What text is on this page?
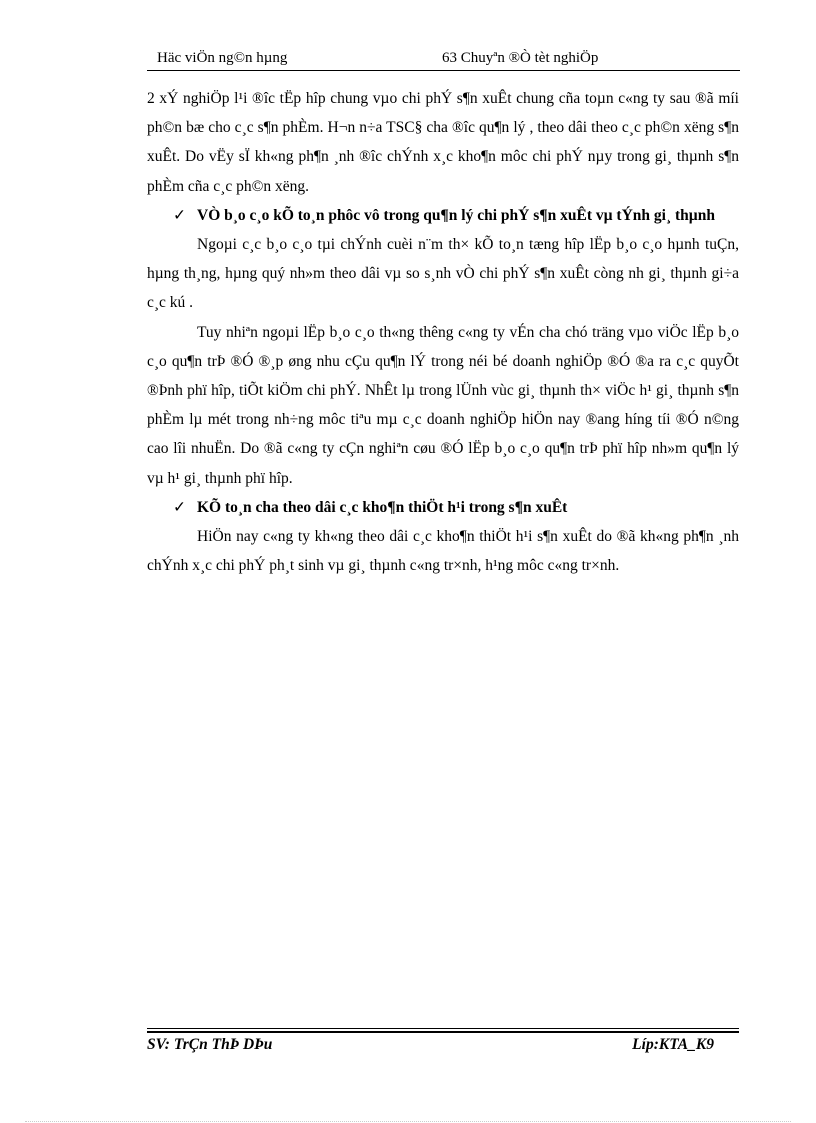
Häc viÖn ng©n hµng	63 Chuyªn ®Ò tèt nghiÖp

2 xÝ nghiÖp l¹i ®îc tËp hîp chung vµo chi phÝ s¶n xuÊt chung cña toµn c«ng ty sau ®ã míi ph©n bæ cho c¸c s¶n phÈm. H¬n n÷a TSC§ cha ®îc qu¶n lý , theo dâi theo c¸c ph©n xëng s¶n xuÊt. Do vËy sÏ kh«ng ph¶n ¸nh ®îc chÝnh x¸c kho¶n môc chi phÝ nµy trong gi¸ thµnh s¶n phÈm cña c¸c ph©n xëng.

✓ VÒ b¸o c¸o kÕ to¸n phôc vô trong qu¶n lý chi phÝ s¶n xuÊt vµ tÝnh gi¸ thµnh

Ngoµi c¸c b¸o c¸o tµi chÝnh cuèi n¨m th× kÕ to¸n tæng hîp lËp b¸o c¸o hµnh tuÇn, hµng th¸ng, hµng quý nh»m theo dâi vµ so s¸nh vÒ chi phÝ s¶n xuÊt còng nh gi¸ thµnh gi÷a c¸c kú .

Tuy nhiªn ngoµi lËp b¸o c¸o th«ng thêng c«ng ty vÉn cha chó träng vµo viÖc lËp b¸o c¸o qu¶n trÞ ®Ó ®¸p øng nhu cÇu qu¶n lÝ trong néi bé doanh nghiÖp ®Ó ®a ra c¸c quyÕt ®Þnh phï hîp, tiÕt kiÖm chi phÝ. NhÊt lµ trong lÜnh vùc gi¸ thµnh th× viÖc h¹ gi¸ thµnh s¶n phÈm lµ mét trong nh÷ng môc tiªu mµ c¸c doanh nghiÖp hiÖn nay ®ang híng tíi ®Ó n©ng cao lîi nhuËn. Do ®ã c«ng ty cÇn nghiªn cøu ®Ó lËp b¸o c¸o qu¶n trÞ phï hîp nh»m qu¶n lý vµ h¹ gi¸ thµnh phï hîp.

✓ KÕ to¸n cha theo dâi c¸c kho¶n thiÖt h¹i trong s¶n xuÊt

HiÖn nay c«ng ty kh«ng theo dâi c¸c kho¶n thiÖt h¹i s¶n xuÊt do ®ã kh«ng ph¶n ¸nh chÝnh x¸c chi phÝ ph¸t sinh vµ gi¸ thµnh c«ng tr×nh, h¹ng môc c«ng tr×nh.

SV: TrÇn ThÞ DÞu	Líp:KTA_K9
